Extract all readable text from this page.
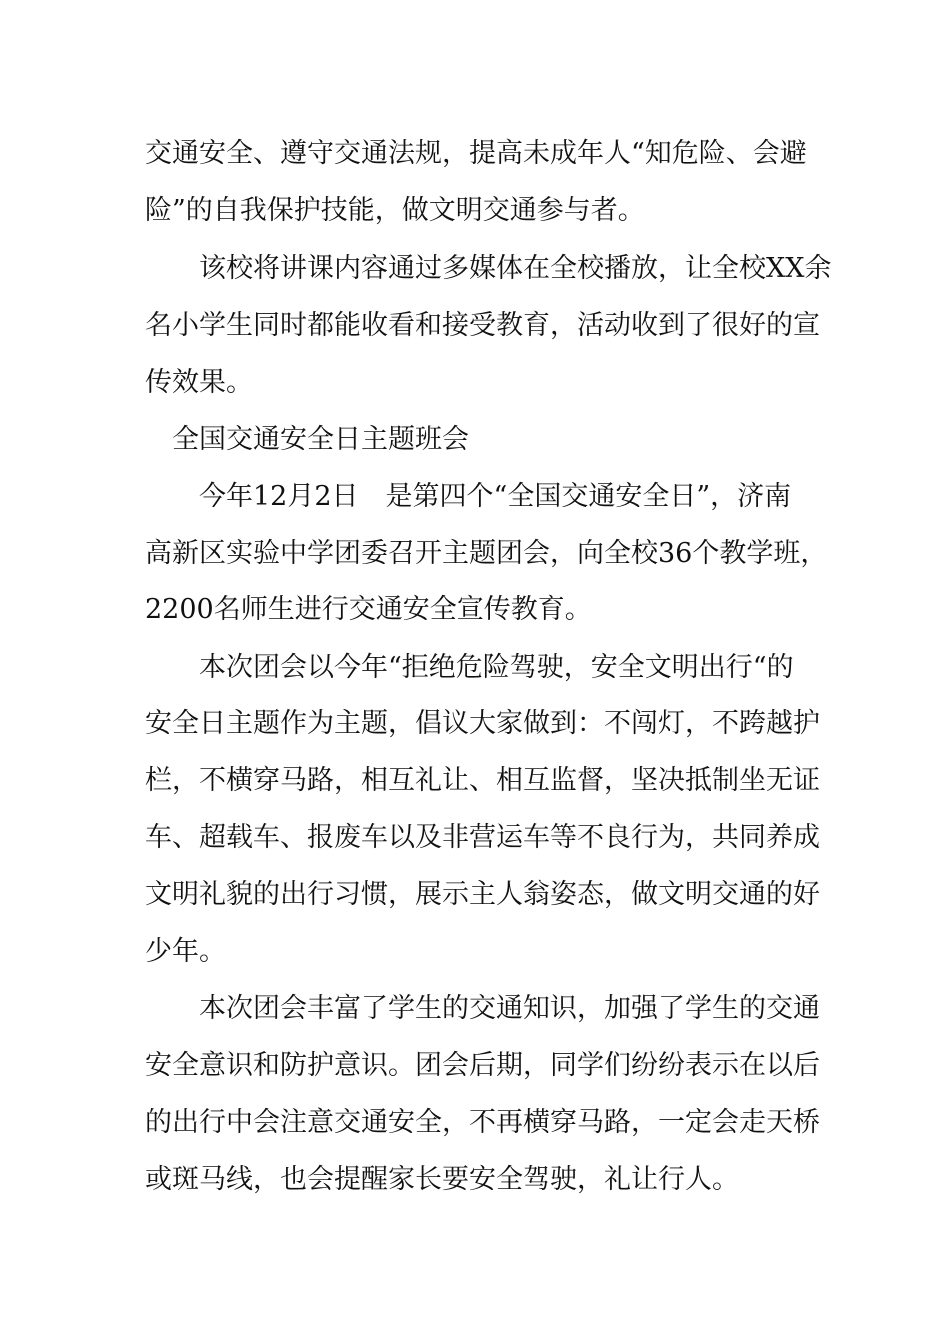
交通安全、遵守交通法规，提高未成年人“知危险、会避

险”的自我保护技能，做文明交通参与者。

　　该校将讲课内容通过多媒体在全校播放，让全校XX余

名小学生同时都能收看和接受教育，活动收到了很好的宣

传效果。

　全国交通安全日主题班会

　　今年12月2日　是第四个“全国交通安全日”，济南

高新区实验中学团委召开主题团会，向全校36个教学班，

2200名师生进行交通安全宣传教育。

　　本次团会以今年“拒绝危险驾驶，安全文明出行“的

安全日主题作为主题，倡议大家做到：不闯灯，不跨越护

栏，不横穿马路，相互礼让、相互监督，坚决抵制坐无证

车、超载车、报废车以及非营运车等不良行为，共同养成

文明礼貌的出行习惯，展示主人翁姿态，做文明交通的好

少年。

　　本次团会丰富了学生的交通知识，加强了学生的交通

安全意识和防护意识。团会后期，同学们纷纷表示在以后

的出行中会注意交通安全，不再横穿马路，一定会走天桥

或斑马线，也会提醒家长要安全驾驶，礼让行人。
